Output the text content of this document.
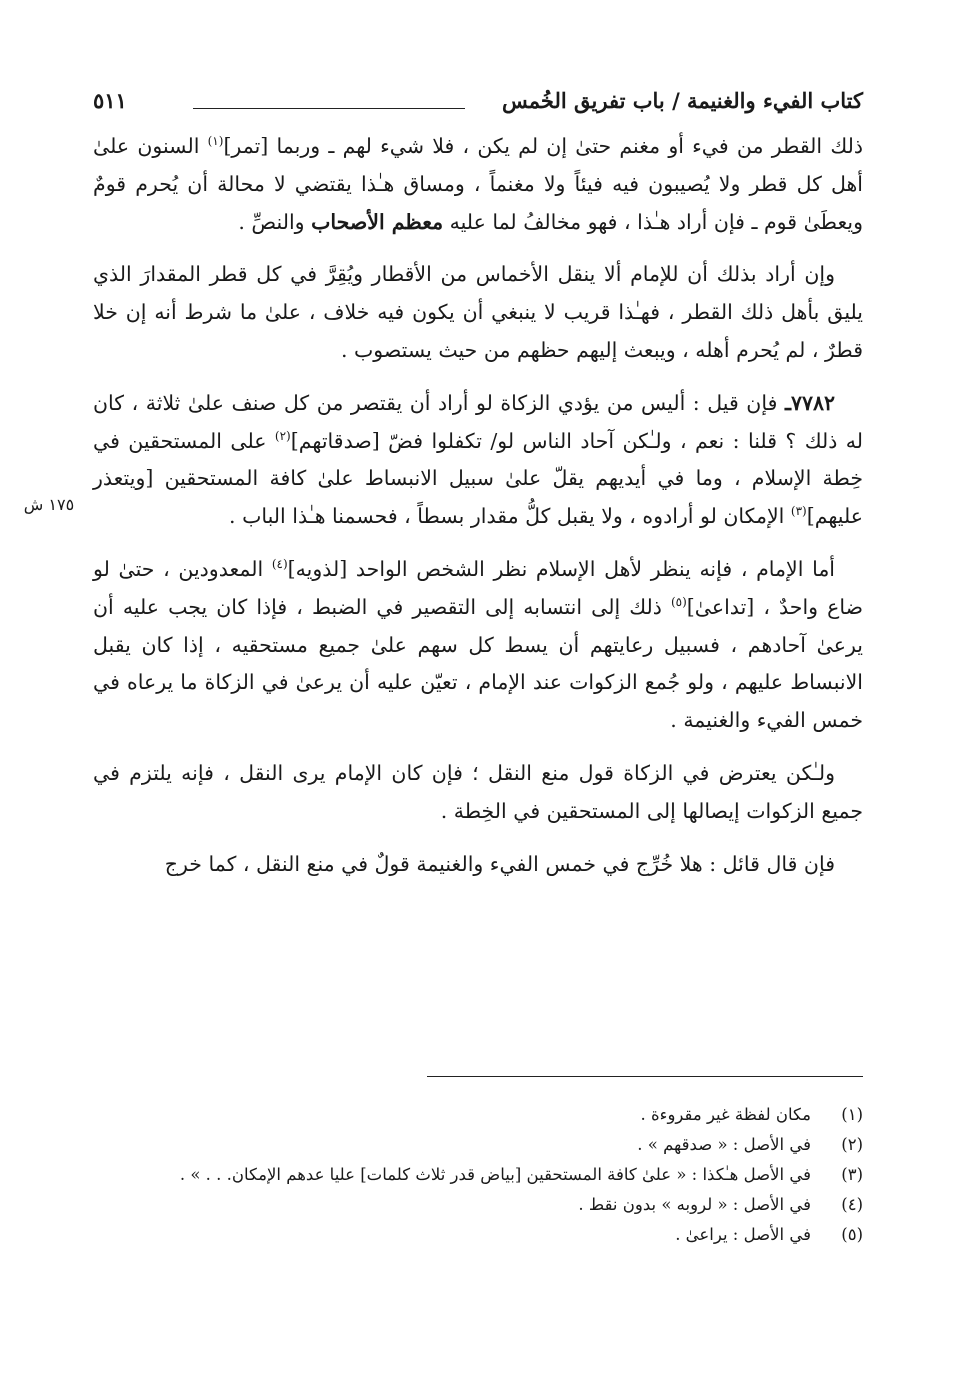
كتاب الفيء والغنيمة / باب تفريق الخُمس
٥١١

ذلك القطر من فيء أو مغنم حتىٰ إن لم يكن ، فلا شيء لهم ـ وربما [تمر]$^{(١)}$ السنون علىٰ أهل كل قطر ولا يُصيبون فيه فيئاً ولا مغنماً ، ومساق هـٰذا يقتضي لا محالة أن يُحرم قومٌ ويعطَىٰ قوم ـ فإن أراد هـٰذا ، فهو مخالفُ لما عليه معظم الأصحاب والنصِّ .

وإن أراد بذلك أن للإمام ألا ينقل الأخماس من الأقطار ويُقِرَّ في كل قطر المقدارَ الذي يليق بأهل ذلك القطر ، فهـٰذا قريب لا ينبغي أن يكون فيه خلاف ، علىٰ ما شرط أنه إن خلا قطرٌ ، لم يُحرم أهله ، ويبعث إليهم حظهم من حيث يستصوب .

٧٧٨٢ـ فإن قيل : أليس من يؤدي الزكاة لو أراد أن يقتصر من كل صنف علىٰ ثلاثة ، كان له ذلك ؟ قلنا : نعم ، ولـٰكن آحاد الناس لو/ تكفلوا فضّ [صدقاتهم]$^{(٢)}$ على المستحقين في خِطة الإسلام ، وما في أيديهم يقلّ علىٰ سبيل الانبساط علىٰ كافة المستحقين [ويتعذر عليهم]$^{(٣)}$ الإمكان لو أرادوه ، ولا يقبل كلُّ مقدار بسطاً ، فحسمنا هـٰذا الباب .

أما الإمام ، فإنه ينظر لأهل الإسلام نظر الشخص الواحد [لذويه]$^{(٤)}$ المعدودين ، حتىٰ لو ضاع واحدٌ ، [تداعىٰ]$^{(٥)}$ ذلك إلى انتسابه إلى التقصير في الضبط ، فإذا كان يجب عليه أن يرعىٰ آحادهم ، فسبيل رعايتهم أن يسط كل سهم علىٰ جميع مستحقيه ، إذا كان يقبل الانبساط عليهم ، ولو جُمع الزكوات عند الإمام ، تعيّن عليه أن يرعىٰ في الزكاة ما يرعاه في خمس الفيء والغنيمة .

ولـٰكن يعترض في الزكاة قول منع النقل ؛ فإن كان الإمام يرى النقل ، فإنه يلتزم في جميع الزكوات إيصالها إلى المستحقين في الخِطة .

فإن قال قائل : هلا خُرِّج في خمس الفيء والغنيمة قولٌ في منع النقل ، كما خرج

١٧٥ ش
(١)
مكان لفظة غير مقروءة .
(٢)
في الأصل : « صدقهم » .
(٣)
في الأصل هـٰكذا : « علىٰ كافة المستحقين [بياض قدر ثلاث كلمات] عليا عدهم الإمكان. . . » .
(٤)
في الأصل : « لروبه » بدون نقط .
(٥)
في الأصل : يراعىٰ .
